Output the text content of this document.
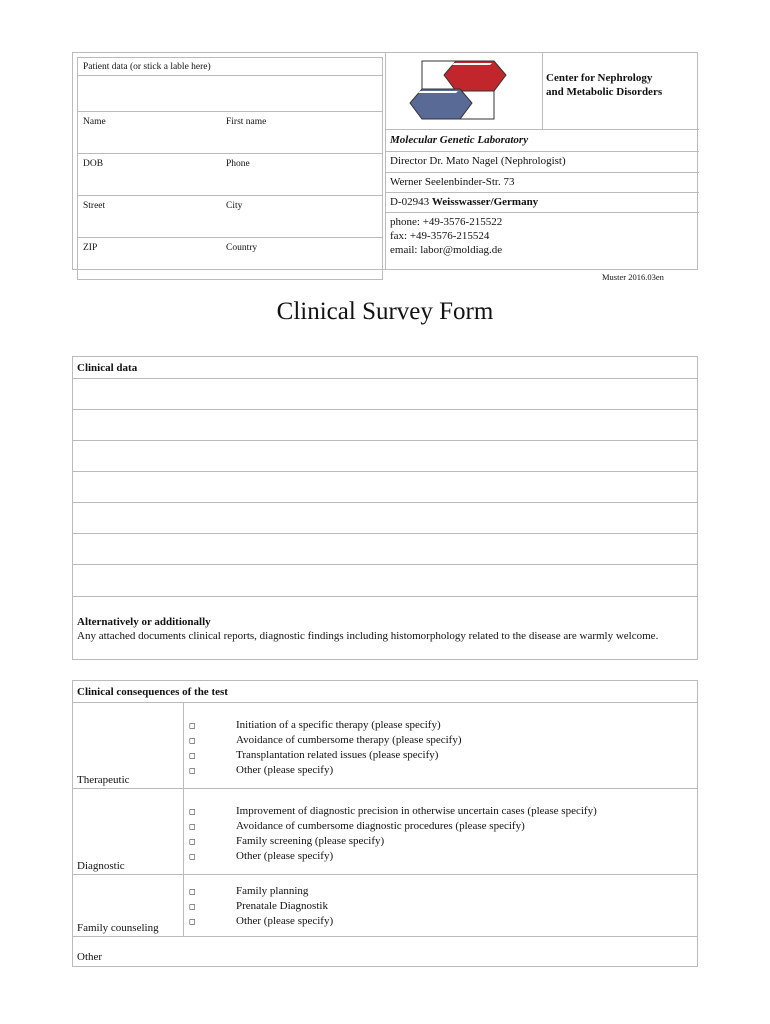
Patient data (or stick a lable here)
Name	First name
DOB	Phone
Street	City
ZIP	Country
Center for Nephrology
and Metabolic Disorders
Molecular Genetic Laboratory
Director Dr. Mato Nagel (Nephrologist)
Werner Seelenbinder-Str. 73
D-02943 Weisswasser/Germany
phone: +49-3576-215522
fax: +49-3576-215524
email: labor@moldiag.de
Muster 2016.03en
Clinical Survey Form
Clinical data
Alternatively or additionally
Any attached documents clinical reports, diagnostic findings including histomorphology related to the disease are warmly welcome.
Clinical consequences of the test
Therapeutic
◻	Initiation of a specific therapy (please specify)
◻	Avoidance of cumbersome therapy (please specify)
◻	Transplantation related issues (please specify)
◻	Other (please specify)
Diagnostic
◻	Improvement of diagnostic precision in otherwise uncertain cases (please specify)
◻	Avoidance of cumbersome diagnostic procedures (please specify)
◻	Family screening (please specify)
◻	Other (please specify)
Family counseling
◻	Family planning
◻	Prenatale Diagnostik
◻	Other (please specify)
Other
